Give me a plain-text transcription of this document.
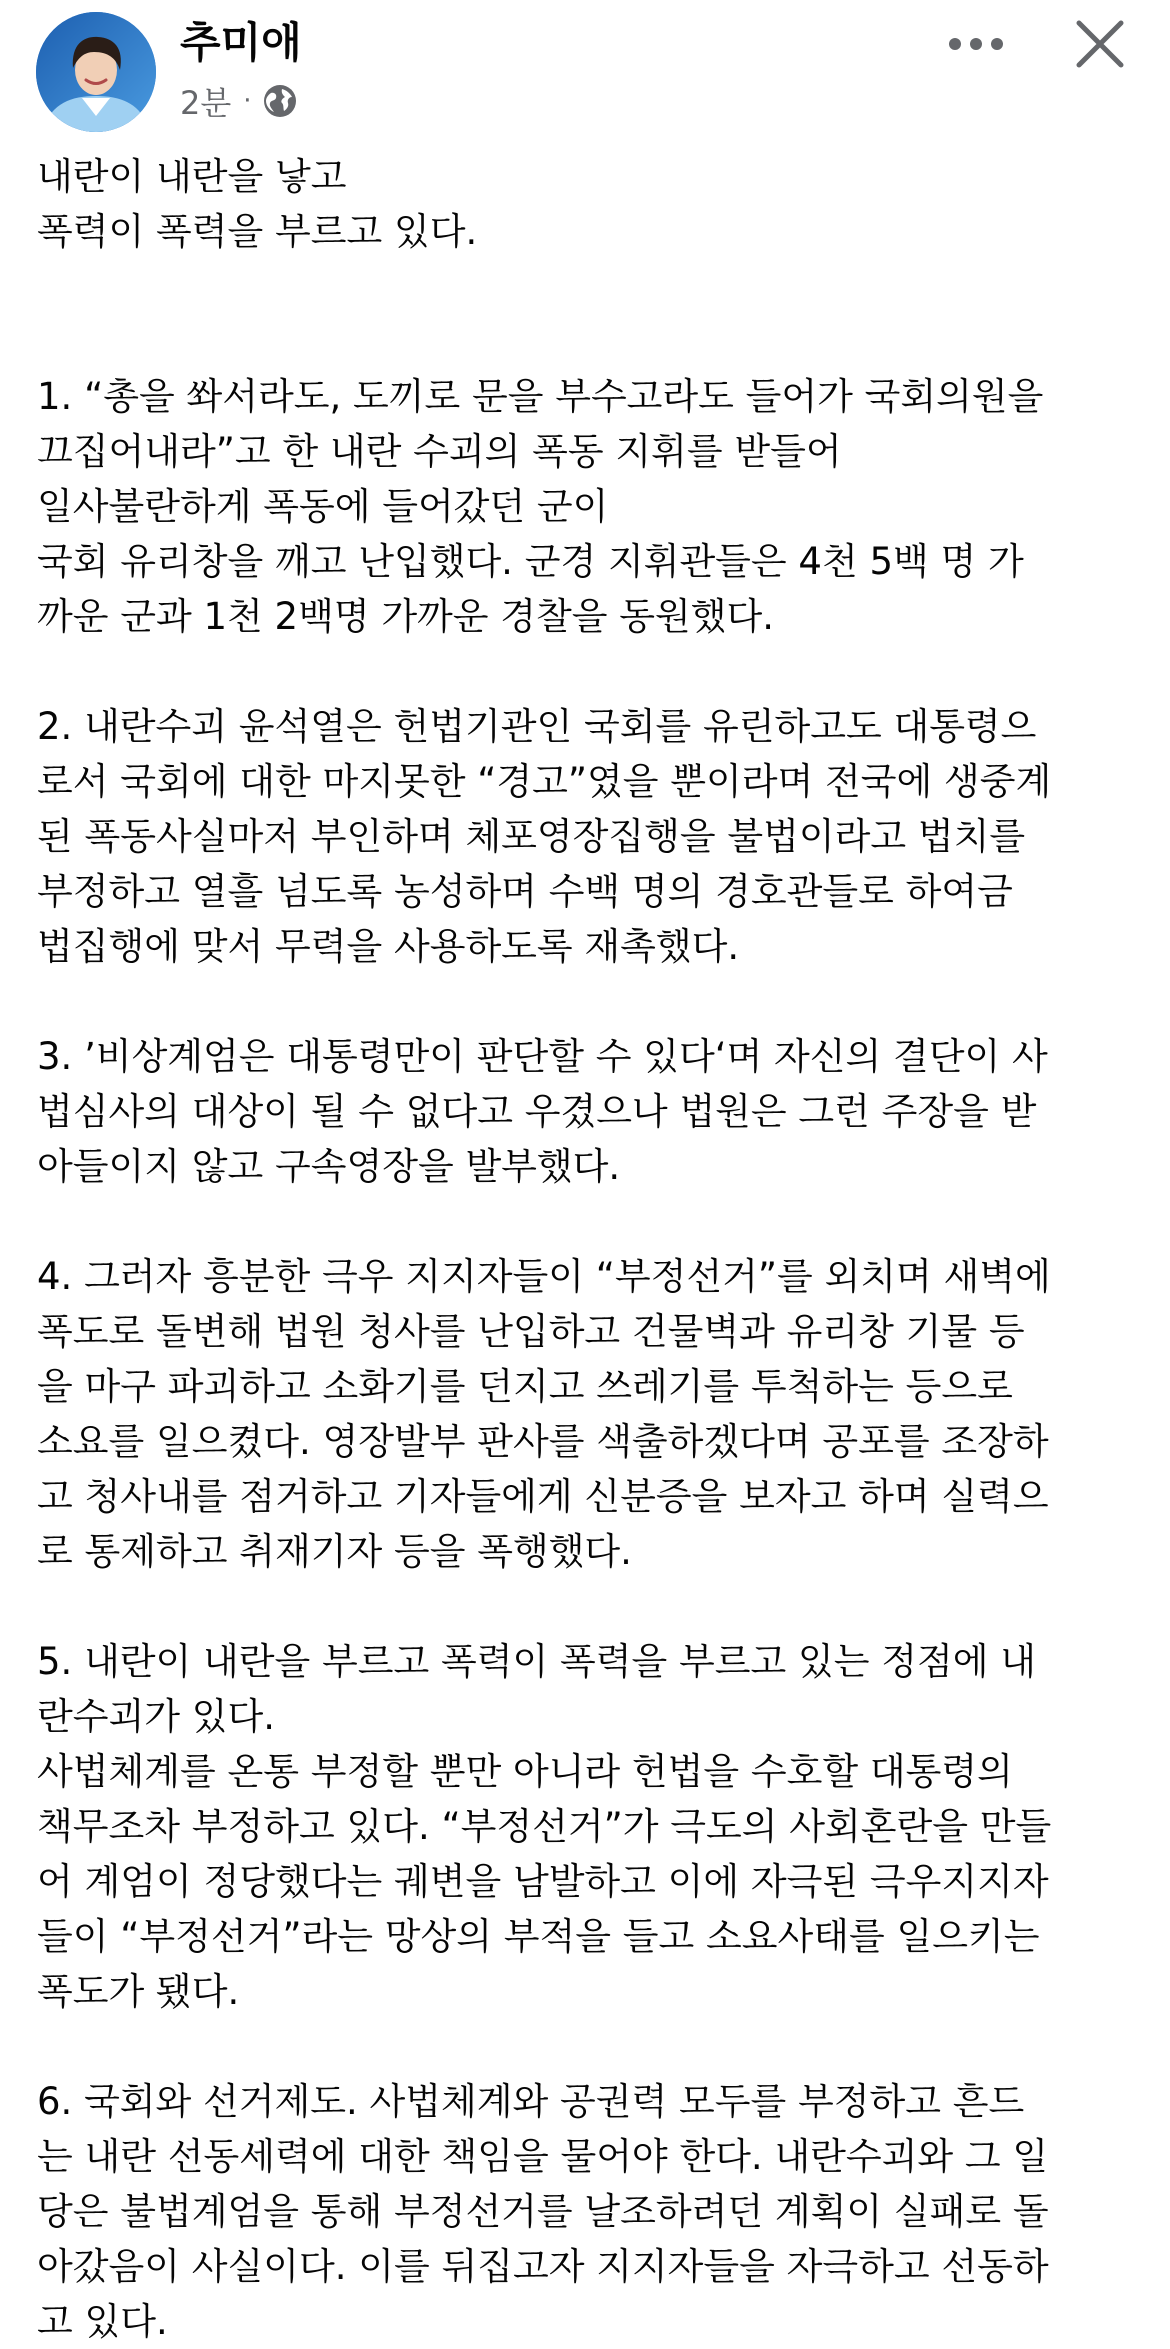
추미애
2분 ·
내란이 내란을 낳고
폭력이 폭력을 부르고 있다.
1. “총을 쏴서라도, 도끼로 문을 부수고라도 들어가 국회의원을
끄집어내라”고 한 내란 수괴의 폭동 지휘를 받들어
일사불란하게 폭동에 들어갔던 군이
국회 유리창을 깨고 난입했다. 군경 지휘관들은 4천 5백 명 가
까운 군과 1천 2백명 가까운 경찰을 동원했다.
2. 내란수괴 윤석열은 헌법기관인 국회를 유린하고도 대통령으
로서 국회에 대한 마지못한 “경고”였을 뿐이라며 전국에 생중계
된 폭동사실마저 부인하며 체포영장집행을 불법이라고 법치를
부정하고 열흘 넘도록 농성하며 수백 명의 경호관들로 하여금
법집행에 맞서 무력을 사용하도록 재촉했다.
3. ’비상계엄은 대통령만이 판단할 수 있다‘며 자신의 결단이 사
법심사의 대상이 될 수 없다고 우겼으나 법원은 그런 주장을 받
아들이지 않고 구속영장을 발부했다.
4. 그러자 흥분한 극우 지지자들이 “부정선거”를 외치며 새벽에
폭도로 돌변해 법원 청사를 난입하고 건물벽과 유리창 기물 등
을 마구 파괴하고 소화기를 던지고 쓰레기를 투척하는 등으로
소요를 일으켰다. 영장발부 판사를 색출하겠다며 공포를 조장하
고 청사내를 점거하고 기자들에게 신분증을 보자고 하며 실력으
로 통제하고 취재기자 등을 폭행했다.
5. 내란이 내란을 부르고 폭력이 폭력을 부르고 있는 정점에 내
란수괴가 있다.
사법체계를 온통 부정할 뿐만 아니라 헌법을 수호할 대통령의
책무조차 부정하고 있다. “부정선거”가 극도의 사회혼란을 만들
어 계엄이 정당했다는 궤변을 남발하고 이에 자극된 극우지지자
들이 “부정선거”라는 망상의 부적을 들고 소요사태를 일으키는
폭도가 됐다.
6. 국회와 선거제도. 사법체계와 공권력 모두를 부정하고 흔드
는 내란 선동세력에 대한 책임을 물어야 한다. 내란수괴와 그 일
당은 불법계엄을 통해 부정선거를 날조하려던 계획이 실패로 돌
아갔음이 사실이다. 이를 뒤집고자 지지자들을 자극하고 선동하
고 있다.
